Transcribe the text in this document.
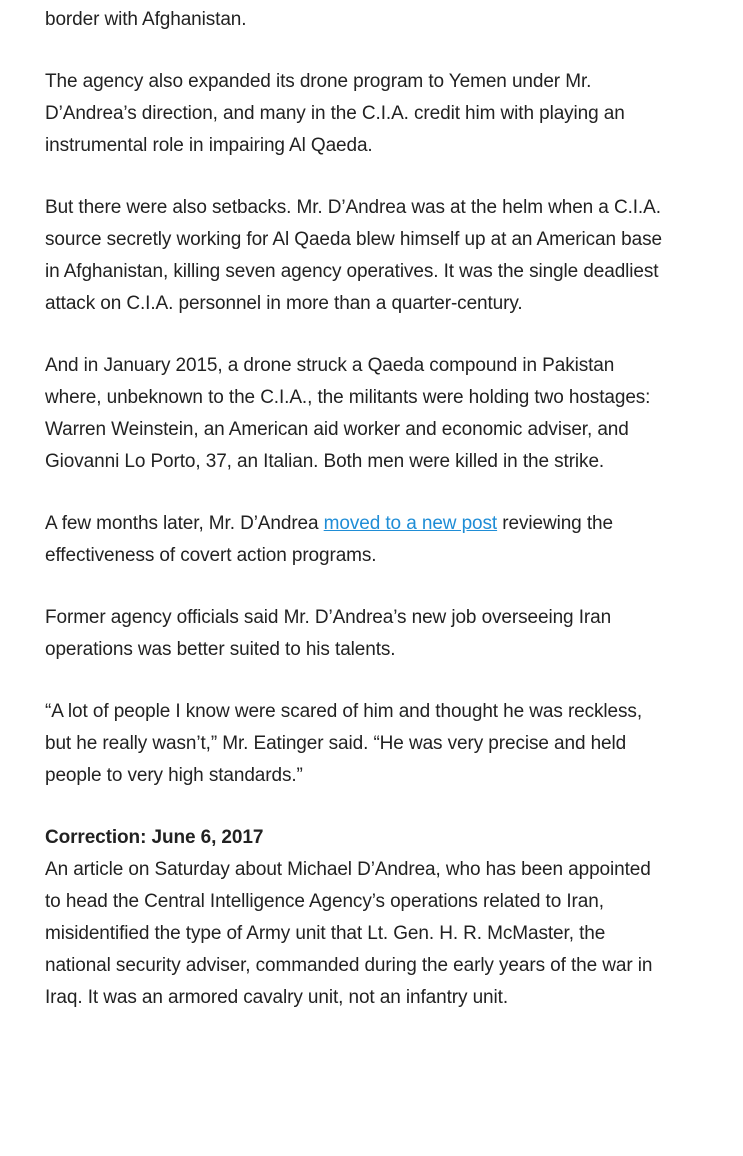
border with Afghanistan.

The agency also expanded its drone program to Yemen under Mr. D’Andrea’s direction, and many in the C.I.A. credit him with playing an instrumental role in impairing Al Qaeda.

But there were also setbacks. Mr. D’Andrea was at the helm when a C.I.A. source secretly working for Al Qaeda blew himself up at an American base in Afghanistan, killing seven agency operatives. It was the single deadliest attack on C.I.A. personnel in more than a quarter-century.

And in January 2015, a drone struck a Qaeda compound in Pakistan where, unbeknown to the C.I.A., the militants were holding two hostages: Warren Weinstein, an American aid worker and economic adviser, and Giovanni Lo Porto, 37, an Italian. Both men were killed in the strike.

A few months later, Mr. D’Andrea moved to a new post reviewing the effectiveness of covert action programs.

Former agency officials said Mr. D’Andrea’s new job overseeing Iran operations was better suited to his talents.

“A lot of people I know were scared of him and thought he was reckless, but he really wasn’t,” Mr. Eatinger said. “He was very precise and held people to very high standards.”

Correction: June 6, 2017
An article on Saturday about Michael D’Andrea, who has been appointed to head the Central Intelligence Agency’s operations related to Iran, misidentified the type of Army unit that Lt. Gen. H. R. McMaster, the national security adviser, commanded during the early years of the war in Iraq. It was an armored cavalry unit, not an infantry unit.
